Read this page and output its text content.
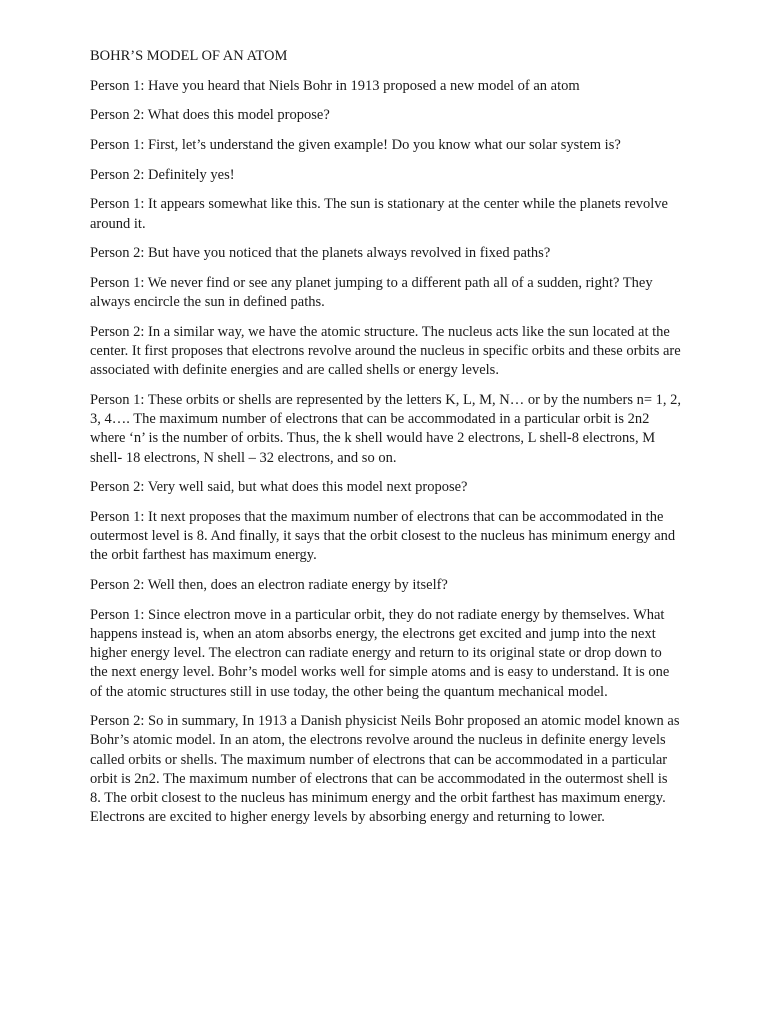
BOHR’S MODEL OF AN ATOM

Person 1: Have you heard that Niels Bohr in 1913 proposed a new model of an atom

Person 2: What does this model propose?

Person 1: First, let’s understand the given example! Do you know what our solar system is?

Person 2: Definitely yes!

Person 1: It appears somewhat like this. The sun is stationary at the center while the planets revolve around it.

Person 2: But have you noticed that the planets always revolved in fixed paths?

Person 1: We never find or see any planet jumping to a different path all of a sudden, right? They always encircle the sun in defined paths.

Person 2: In a similar way, we have the atomic structure. The nucleus acts like the sun located at the center. It first proposes that electrons revolve around the nucleus in specific orbits and these orbits are associated with definite energies and are called shells or energy levels.

Person 1: These orbits or shells are represented by the letters K, L, M, N… or by the numbers n= 1, 2, 3, 4…. The maximum number of electrons that can be accommodated in a particular orbit is 2n2 where ‘n’ is the number of orbits. Thus, the k shell would have 2 electrons, L shell-8 electrons, M shell- 18 electrons, N shell – 32 electrons, and so on.

Person 2: Very well said, but what does this model next propose?

Person 1: It next proposes that the maximum number of electrons that can be accommodated in the outermost level is 8. And finally, it says that the orbit closest to the nucleus has minimum energy and the orbit farthest has maximum energy.

Person 2: Well then, does an electron radiate energy by itself?

Person 1: Since electron move in a particular orbit, they do not radiate energy by themselves. What happens instead is, when an atom absorbs energy, the electrons get excited and jump into the next higher energy level. The electron can radiate energy and return to its original state or drop down to the next energy level. Bohr’s model works well for simple atoms and is easy to understand. It is one of the atomic structures still in use today, the other being the quantum mechanical model.

Person 2: So in summary, In 1913 a Danish physicist Neils Bohr proposed an atomic model known as Bohr’s atomic model. In an atom, the electrons revolve around the nucleus in definite energy levels called orbits or shells. The maximum number of electrons that can be accommodated in a particular orbit is 2n2. The maximum number of electrons that can be accommodated in the outermost shell is 8. The orbit closest to the nucleus has minimum energy and the orbit farthest has maximum energy. Electrons are excited to higher energy levels by absorbing energy and returning to lower.
